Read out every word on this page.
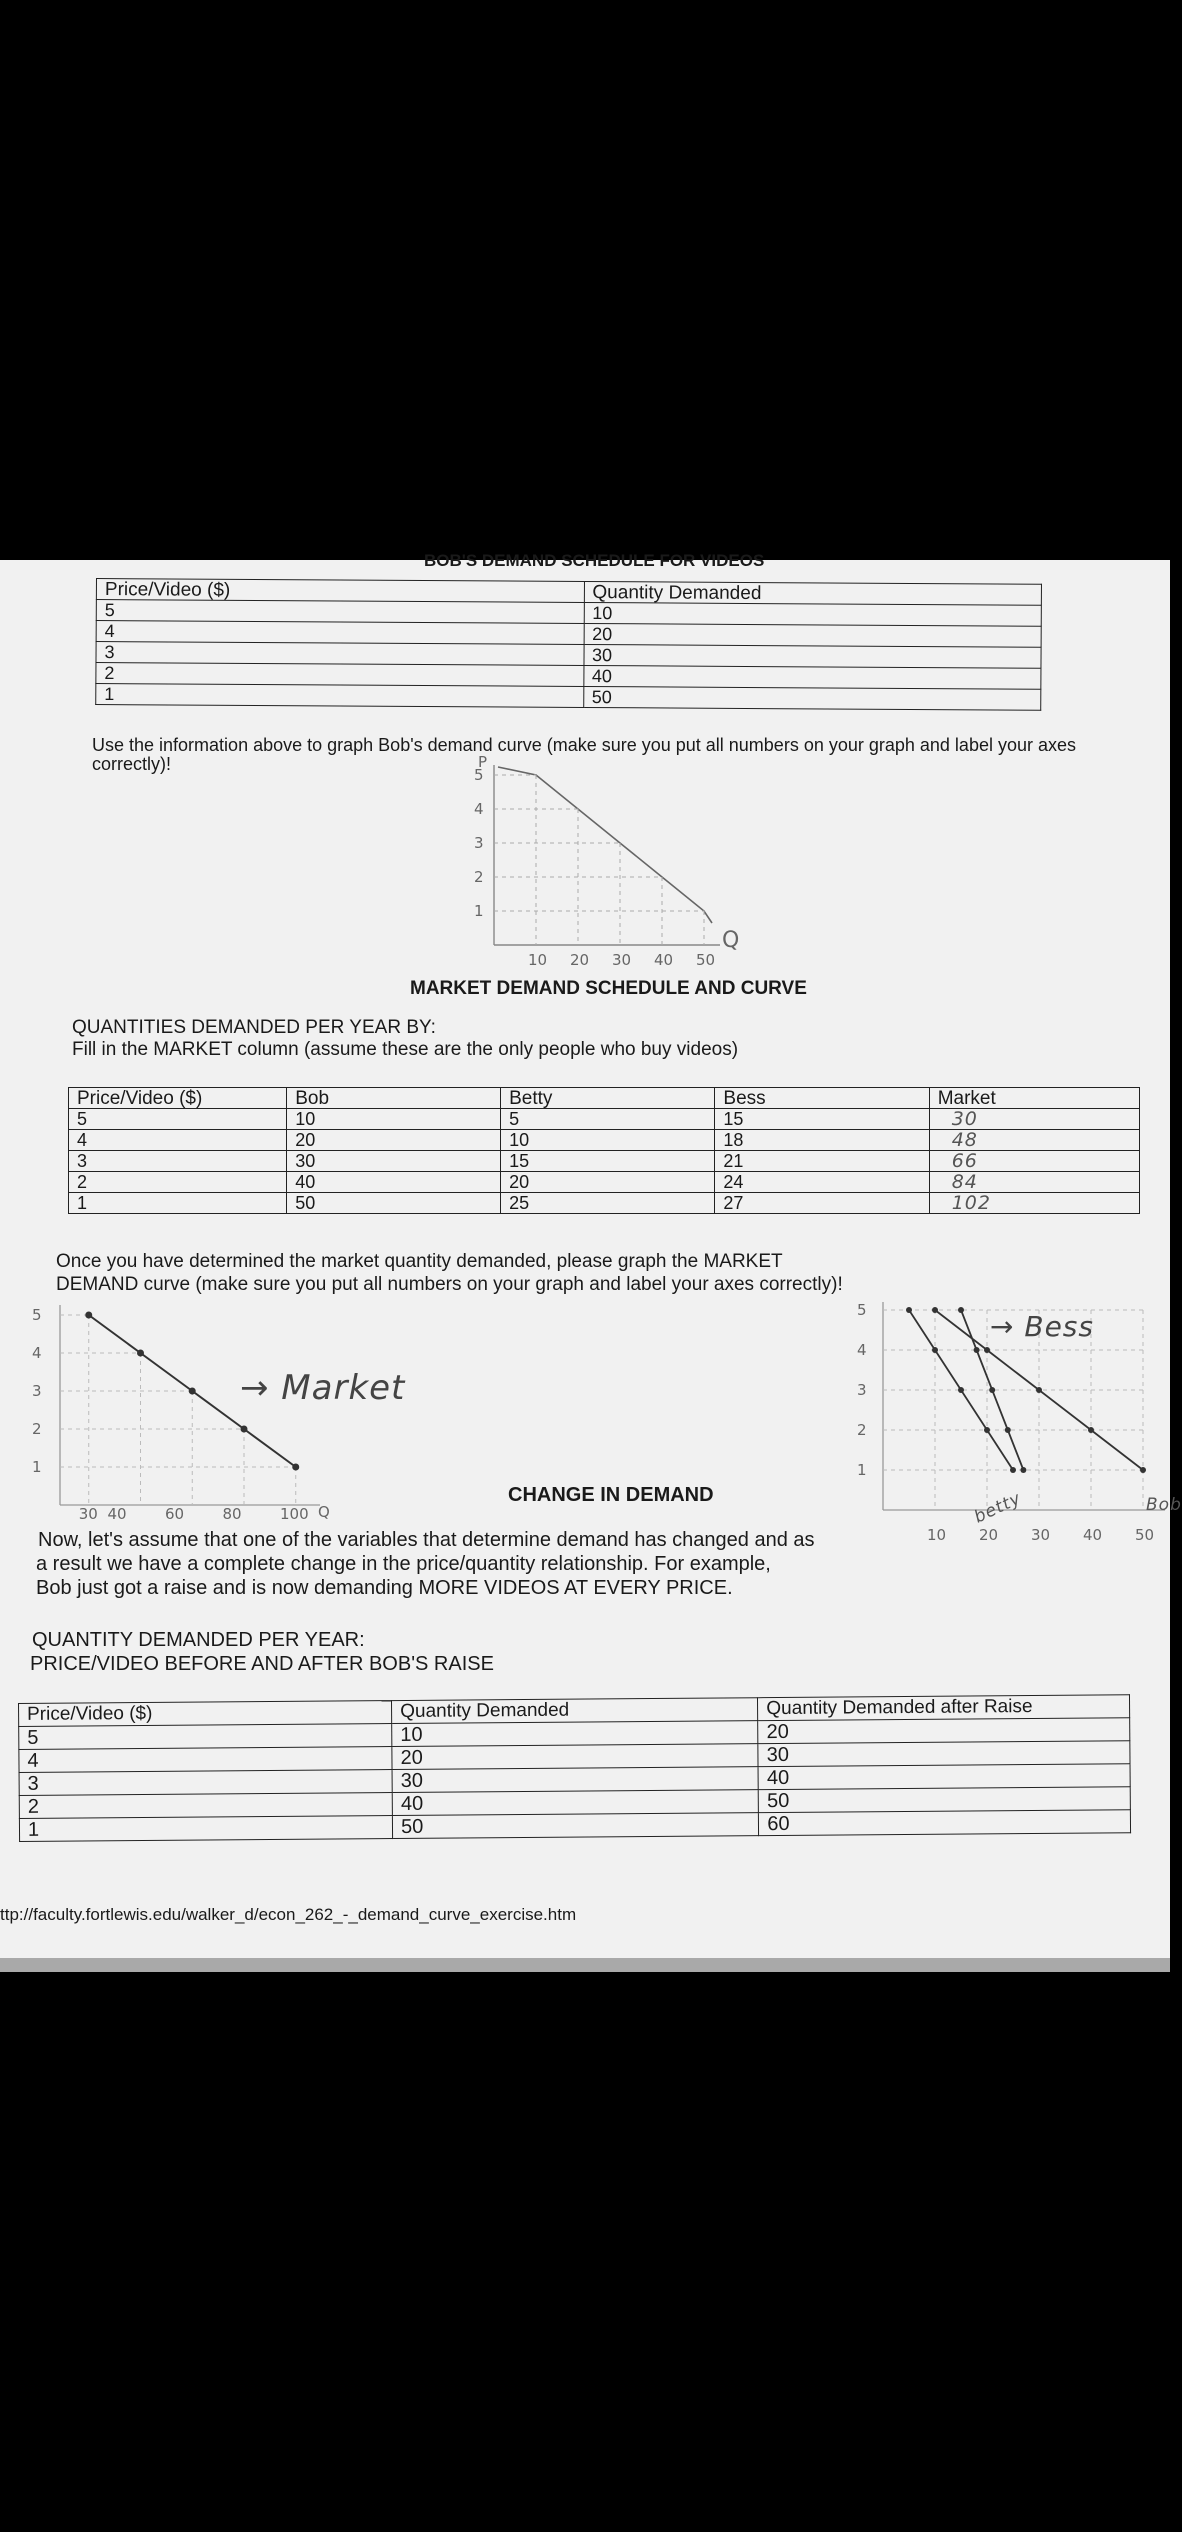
BOB'S DEMAND SCHEDULE FOR VIDEOS
Price/Video ($)	Quantity Demanded
5	10
4	20
3	30
2	40
1	50
Use the information above to graph Bob's demand curve (make sure you put all numbers on your graph and label your axes correctly)!
5
4
3
2
1
10 20 30 40 50
P
Q
MARKET DEMAND SCHEDULE AND CURVE
QUANTITIES DEMANDED PER YEAR BY:
Fill in the MARKET column (assume these are the only people who buy videos)
Price/Video ($)	Bob	Betty	Bess	Market
5	10	5	15	30
4	20	10	18	48
3	30	15	21	66
2	40	20	24	84
1	50	25	27	102
Once you have determined the market quantity demanded, please graph the MARKET
DEMAND curve (make sure you put all numbers on your graph and label your axes correctly)!
5
4
3
2
1
30 40	60	80	100 Q
→ Market
5
4
3
2
1
10 20 30 40 50
→ Bess
betty	Bob
CHANGE IN DEMAND
Now, let's assume that one of the variables that determine demand has changed and as
a result we have a complete change in the price/quantity relationship. For example,
Bob just got a raise and is now demanding MORE VIDEOS AT EVERY PRICE.
QUANTITY DEMANDED PER YEAR:
PRICE/VIDEO BEFORE AND AFTER BOB'S RAISE
Price/Video ($)	Quantity Demanded	Quantity Demanded after Raise
5	10	20
4	20	30
3	30	40
2	40	50
1	50	60
ttp://faculty.fortlewis.edu/walker_d/econ_262_-_demand_curve_exercise.htm
